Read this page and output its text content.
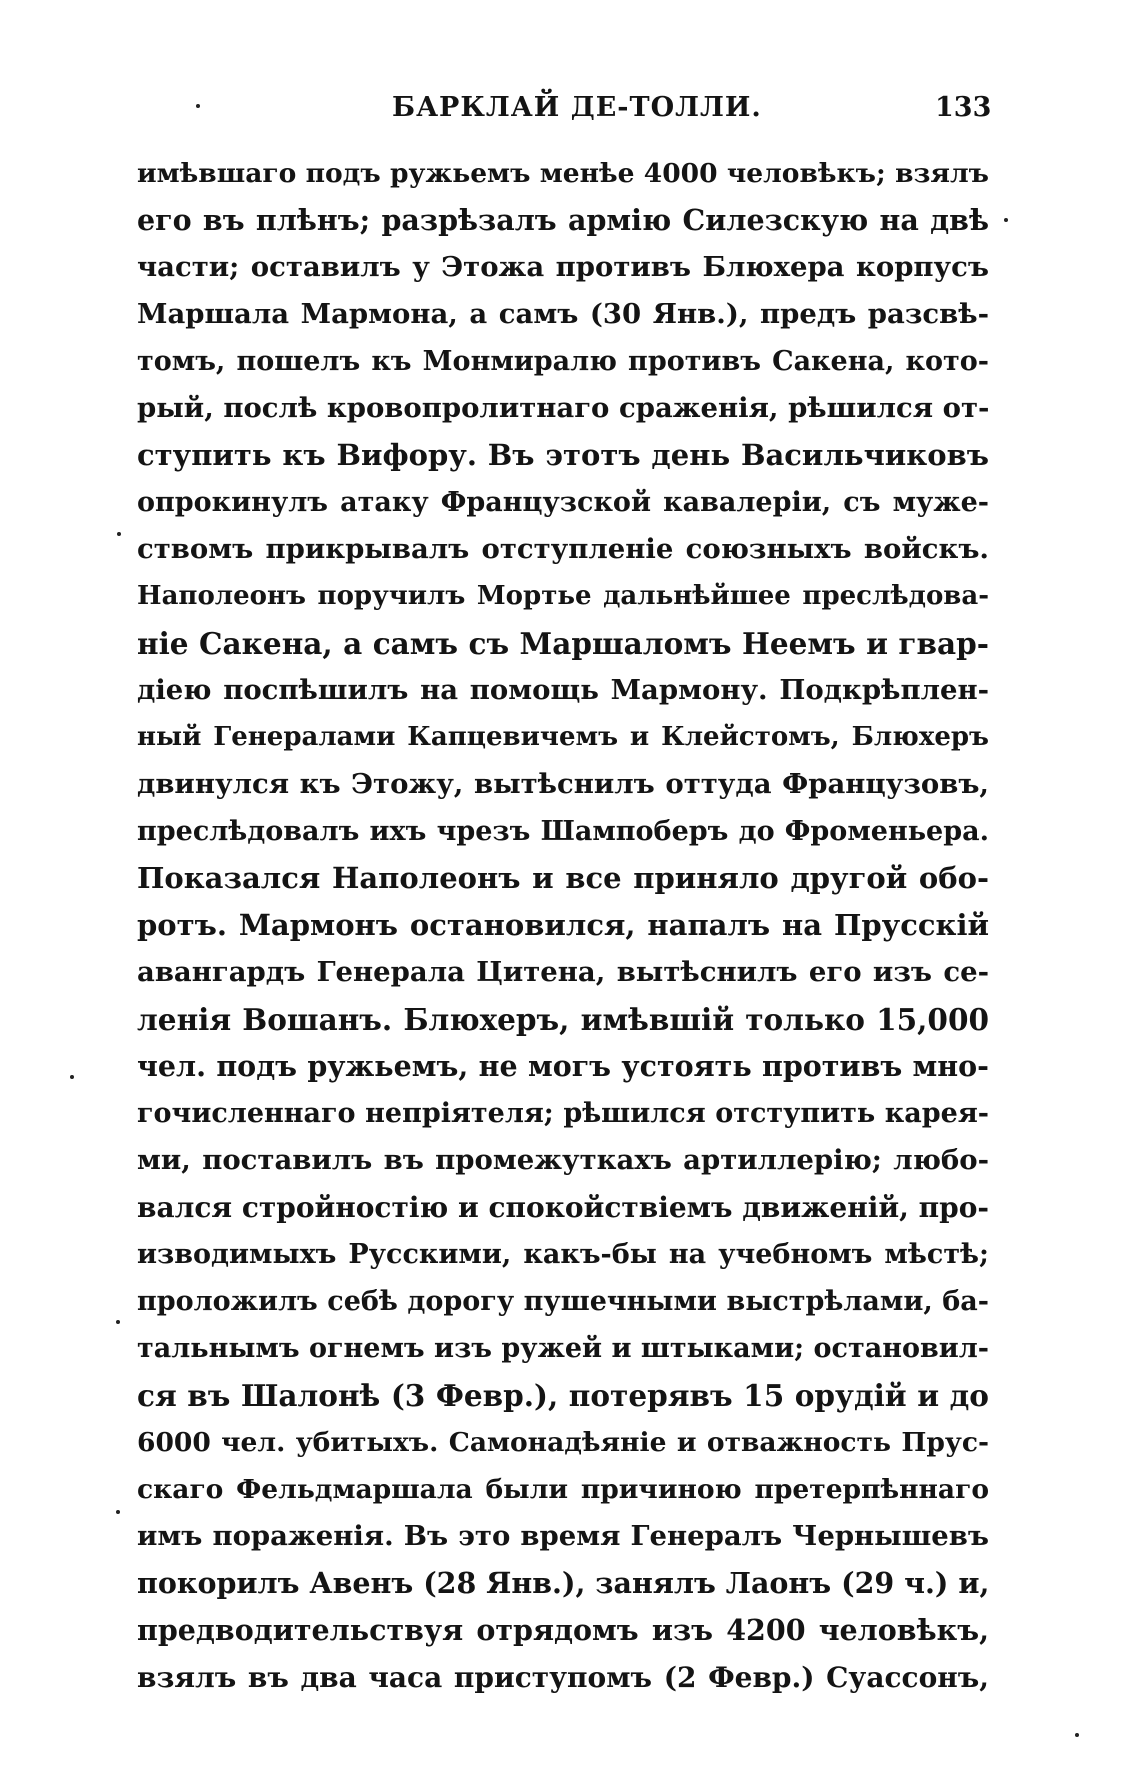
БАРКЛАЙ ДЕ-ТОЛЛИ.	133
имѣвшаго подъ ружьемъ менѣе 4000 человѣкъ; взялъ
его въ плѣнъ; разрѣзалъ армію Силезскую на двѣ
части; оставилъ у Этожа противъ Блюхера корпусъ
Маршала Мармона, а самъ (30 Янв.), предъ разсвѣ-
томъ, пошелъ къ Монмиралю противъ Сакена, кото-
рый, послѣ кровопролитнаго сраженія, рѣшился от-
ступить къ Вифору. Въ этотъ день Васильчиковъ
опрокинулъ атаку Французской кавалеріи, съ муже-
ствомъ прикрывалъ отступленіе союзныхъ войскъ.
Наполеонъ поручилъ Мортье дальнѣйшее преслѣдова-
ніе Сакена, а самъ съ Маршаломъ Неемъ и гвар-
діею поспѣшилъ на помощь Мармону. Подкрѣплен-
ный Генералами Капцевичемъ и Клейстомъ, Блюхеръ
двинулся къ Этожу, вытѣснилъ оттуда Французовъ,
преслѣдовалъ ихъ чрезъ Шампоберъ до Фроменьера.
Показался Наполеонъ и все приняло другой обо-
ротъ. Мармонъ остановился, напалъ на Прусскій
авангардъ Генерала Цитена, вытѣснилъ его изъ се-
ленія Вошанъ. Блюхеръ, имѣвшій только 15,000
чел. подъ ружьемъ, не могъ устоять противъ мно-
гочисленнаго непріятеля; рѣшился отступить карея-
ми, поставилъ въ промежуткахъ артиллерію; любо-
вался стройностію и спокойствіемъ движеній, про-
изводимыхъ Русскими, какъ-бы на учебномъ мѣстѣ;
проложилъ себѣ дорогу пушечными выстрѣлами, ба-
тальнымъ огнемъ изъ ружей и штыками; остановил-
ся въ Шалонѣ (3 Февр.), потерявъ 15 орудій и до
6000 чел. убитыхъ. Самонадѣяніе и отважность Прус-
скаго Фельдмаршала были причиною претерпѣннаго
имъ пораженія. Въ это время Генералъ Чернышевъ
покорилъ Авенъ (28 Янв.), занялъ Лаонъ (29 ч.) и,
предводительствуя отрядомъ изъ 4200 человѣкъ,
взялъ въ два часа приступомъ (2 Февр.) Суассонъ,
